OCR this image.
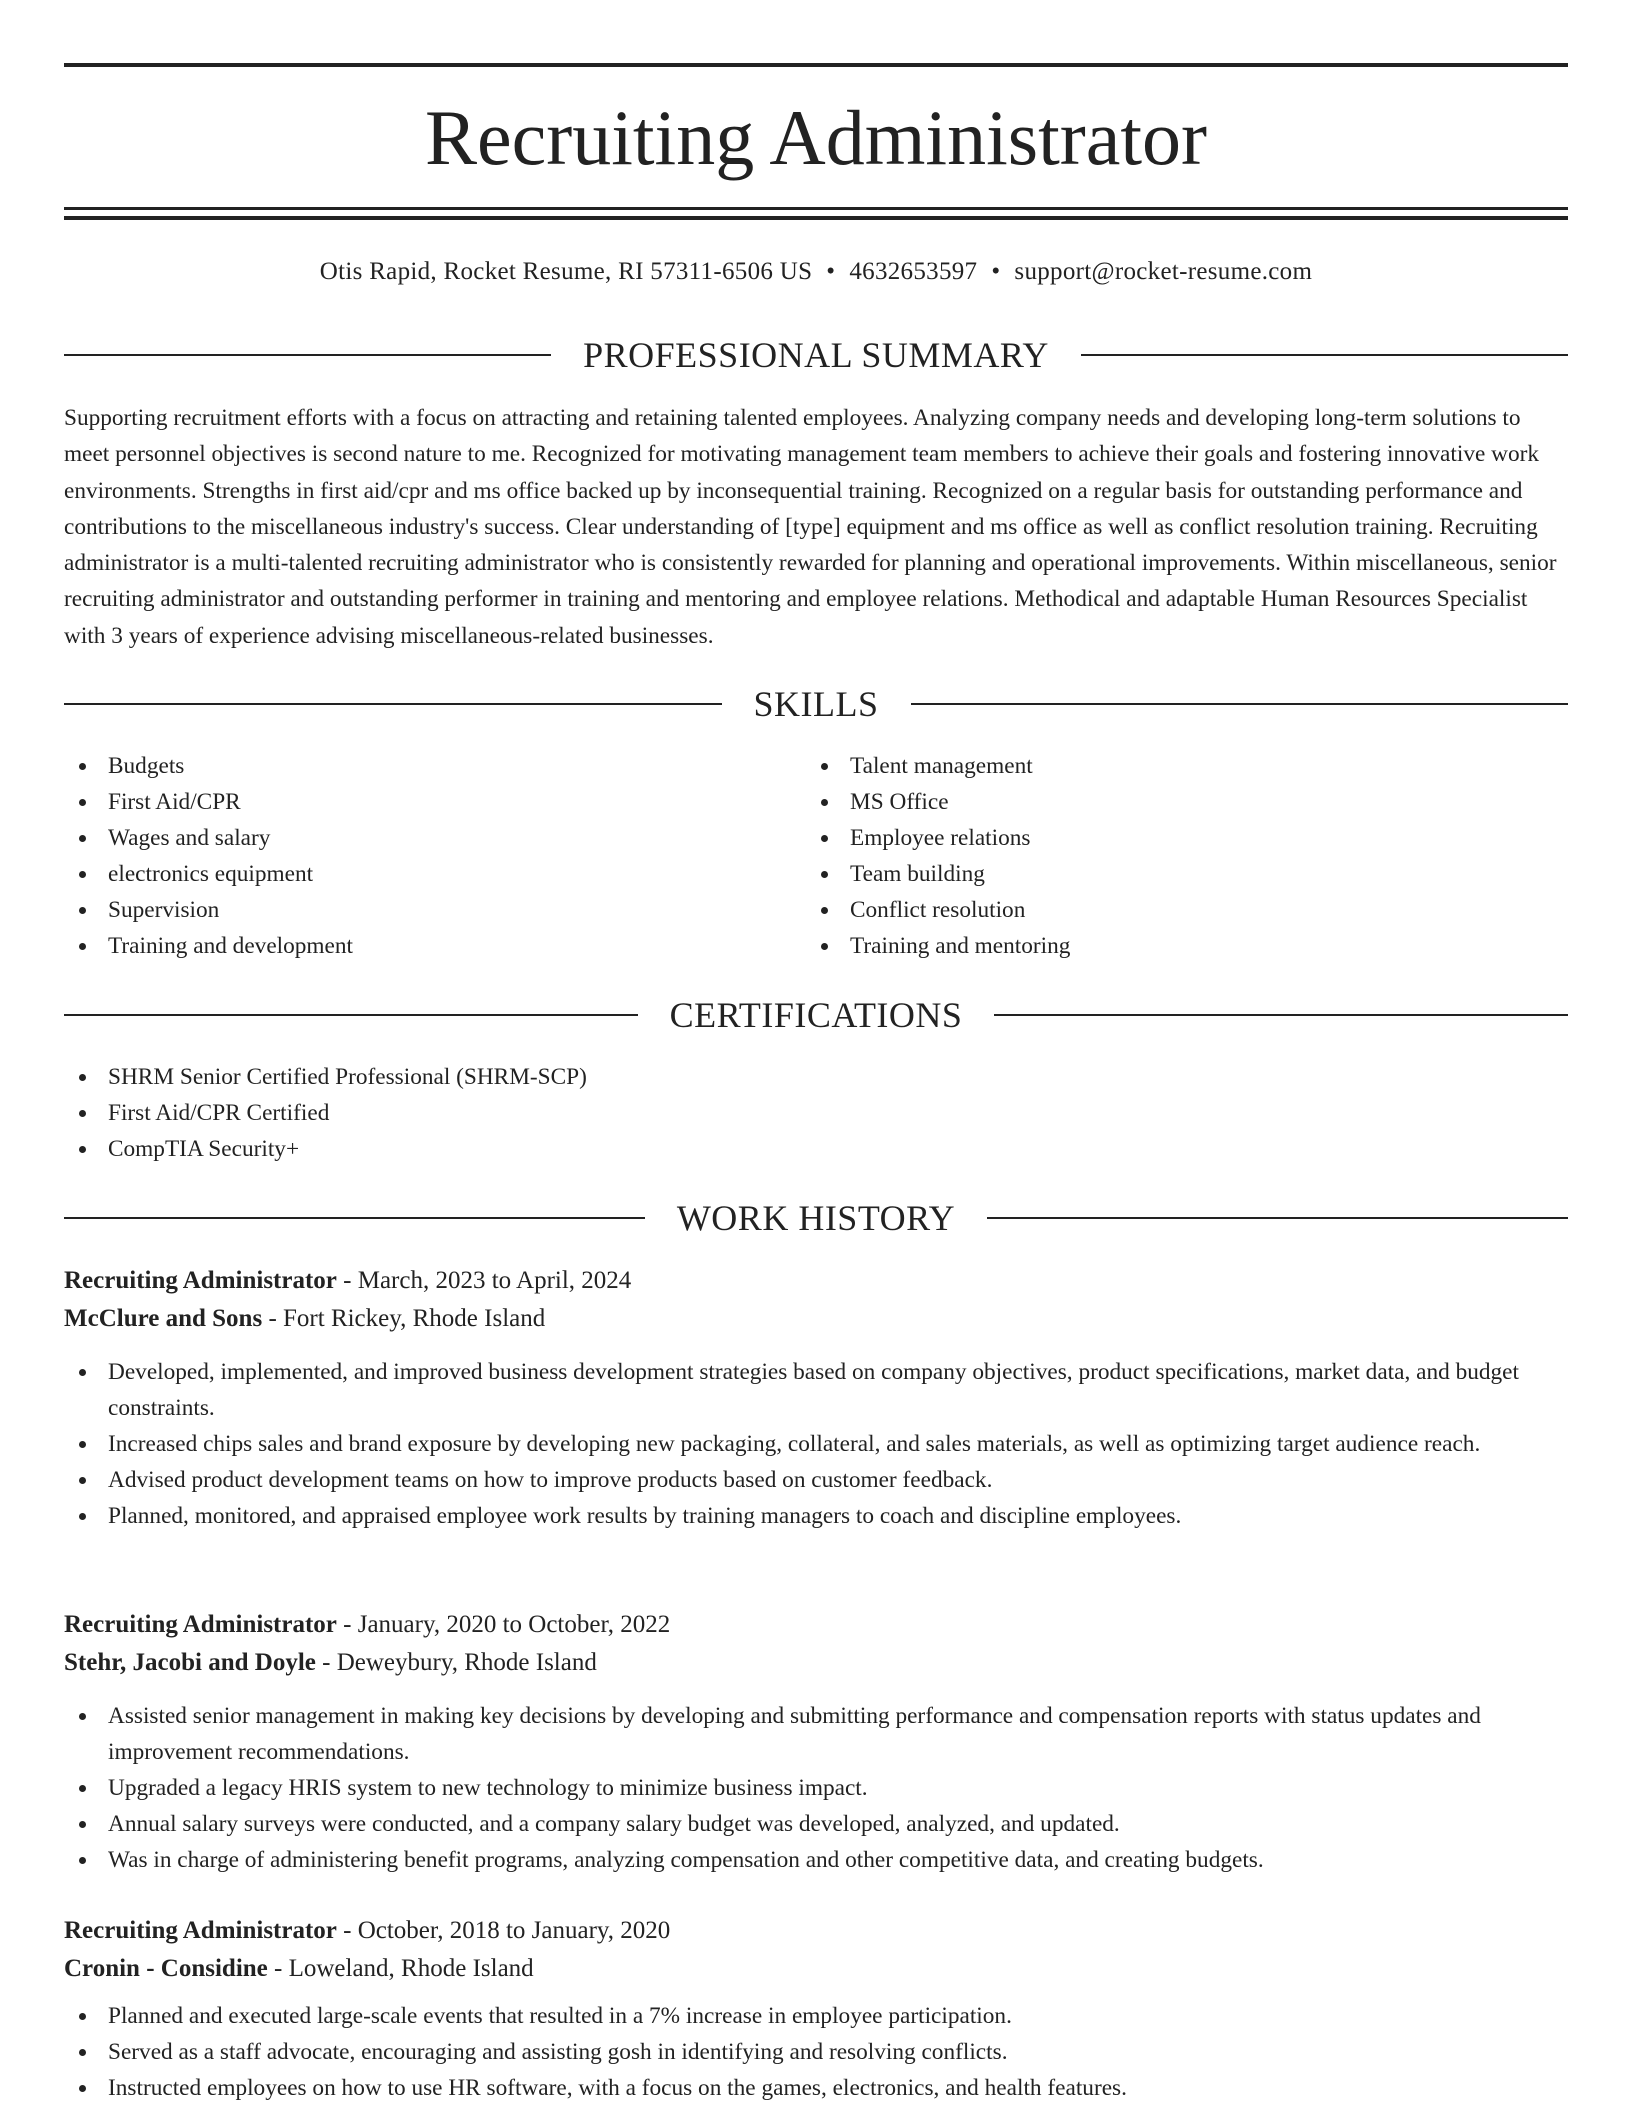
Recruiting Administrator
Otis Rapid, Rocket Resume, RI 57311-6506 US • 4632653597 • support@rocket-resume.com
PROFESSIONAL SUMMARY

Supporting recruitment efforts with a focus on attracting and retaining talented employees. Analyzing company needs and developing long-term solutions to meet personnel objectives is second nature to me. Recognized for motivating management team members to achieve their goals and fostering innovative work environments. Strengths in first aid/cpr and ms office backed up by inconsequential training. Recognized on a regular basis for outstanding performance and contributions to the miscellaneous industry's success. Clear understanding of [type] equipment and ms office as well as conflict resolution training. Recruiting administrator is a multi-talented recruiting administrator who is consistently rewarded for planning and operational improvements. Within miscellaneous, senior recruiting administrator and outstanding performer in training and mentoring and employee relations. Methodical and adaptable Human Resources Specialist with 3 years of experience advising miscellaneous-related businesses.

SKILLS
Budgets
First Aid/CPR
Wages and salary
electronics equipment
Supervision
Training and development
Talent management
MS Office
Employee relations
Team building
Conflict resolution
Training and mentoring
CERTIFICATIONS
SHRM Senior Certified Professional (SHRM-SCP)
First Aid/CPR Certified
CompTIA Security+
WORK HISTORY
Recruiting Administrator - March, 2023 to April, 2024
McClure and Sons - Fort Rickey, Rhode Island
Developed, implemented, and improved business development strategies based on company objectives, product specifications, market data, and budget constraints.
Increased chips sales and brand exposure by developing new packaging, collateral, and sales materials, as well as optimizing target audience reach.
Advised product development teams on how to improve products based on customer feedback.
Planned, monitored, and appraised employee work results by training managers to coach and discipline employees.
Recruiting Administrator - January, 2020 to October, 2022
Stehr, Jacobi and Doyle - Deweybury, Rhode Island
Assisted senior management in making key decisions by developing and submitting performance and compensation reports with status updates and improvement recommendations.
Upgraded a legacy HRIS system to new technology to minimize business impact.
Annual salary surveys were conducted, and a company salary budget was developed, analyzed, and updated.
Was in charge of administering benefit programs, analyzing compensation and other competitive data, and creating budgets.
Recruiting Administrator - October, 2018 to January, 2020
Cronin - Considine - Loweland, Rhode Island
Planned and executed large-scale events that resulted in a 7% increase in employee participation.
Served as a staff advocate, encouraging and assisting gosh in identifying and resolving conflicts.
Instructed employees on how to use HR software, with a focus on the games, electronics, and health features.
